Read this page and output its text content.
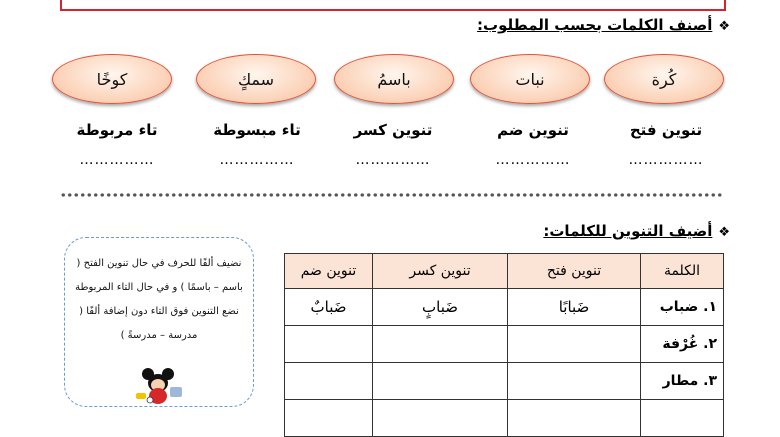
❖أصنف الكلمات بحسب المطلوب:
كُرة
نبات
باسمُ
سمكٍ
كوخًا
تنوين فتح
تنوين ضم
تنوين كسر
تاء مبسوطة
تاء مربوطة
……………
……………
……………
……………
……………
❖أضيف التنوين للكلمات:
نضيف ألفًا للحرف في حال تنوين الفتح ( باسم – باسمًا ) و في حال التاء المربوطة نضع التنوين فوق التاء دون إضافة ألفًا ( مدرسة – مدرسةً )
الكلمة	تنوين فتح	تنوين كسر	تنوين ضم
١. ضباب	ضَبابًا	ضَبابٍ	ضَبابٌ
٢. غُرْفة			
٣. مطار			
